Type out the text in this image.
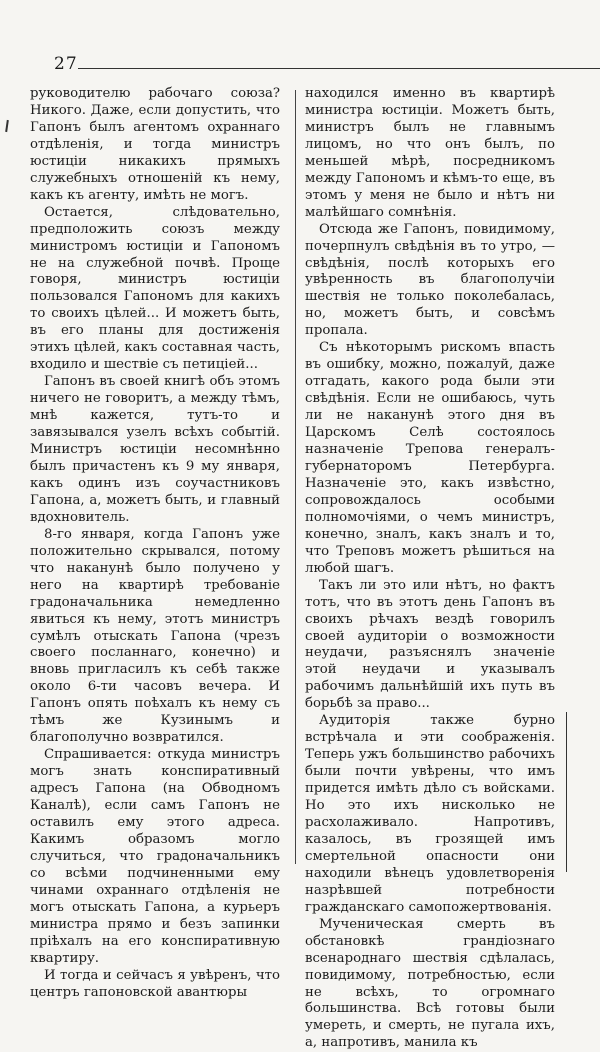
27

руководителю рабочаго союза? Никого. Даже, если допустить, что Гапонъ былъ агентомъ охраннаго отдѣленія, и тогда министръ юстиціи никакихъ прямыхъ служебныхъ отношеній къ нему, какъ къ агенту, имѣть не могъ.

Остается, слѣдовательно, предположить союзъ между министромъ юстиціи и Гапономъ не на служебной почвѣ. Проще говоря, министръ юстиціи пользовался Гапономъ для какихъ то своихъ цѣлей... И можетъ быть, въ его планы для достиженія этихъ цѣлей, какъ составная часть, входило и шествіе съ петиціей...

Гапонъ въ своей книгѣ объ этомъ ничего не говоритъ, а между тѣмъ, мнѣ кажется, тутъ-то и завязывался узелъ всѣхъ событій. Министръ юстиціи несомнѣнно былъ причастенъ къ 9 му января, какъ одинъ изъ соучастниковъ Гапона, а, можетъ быть, и главный вдохновитель.

8-го января, когда Гапонъ уже положительно скрывался, потому что наканунѣ было получено у него на квартирѣ требованіе градоначальника немедленно явиться къ нему, этотъ министръ сумѣлъ отыскать Гапона (чрезъ своего посланнаго, конечно) и вновь пригласилъ къ себѣ также около 6-ти часовъ вечера. И Гапонъ опять поѣхалъ къ нему съ тѣмъ же Кузинымъ и благополучно возвратился.

Спрашивается: откуда министръ могъ знать конспиративный адресъ Гапона (на Обводномъ Каналѣ), если самъ Гапонъ не оставилъ ему этого адреса. Какимъ образомъ могло случиться, что градоначальникъ со всѣми подчиненными ему чинами охраннаго отдѣленія не могъ отыскать Гапона, а курьеръ министра прямо и безъ запинки пріѣхалъ на его конспиративную квартиру.

И тогда и сейчасъ я увѣренъ, что центръ гапоновской авантюры

находился именно въ квартирѣ министра юстиціи. Можетъ быть, министръ былъ не главнымъ лицомъ, но что онъ былъ, по меньшей мѣрѣ, посредникомъ между Гапономъ и кѣмъ-то еще, въ этомъ у меня не было и нѣтъ ни малѣйшаго сомнѣнія.

Отсюда же Гапонъ, повидимому, почерпнулъ свѣдѣнія въ то утро, —свѣдѣнія, послѣ которыхъ его увѣренность въ благополучіи шествія не только поколебалась, но, можетъ быть, и совсѣмъ пропала.

Съ нѣкоторымъ рискомъ впасть въ ошибку, можно, пожалуй, даже отгадать, какого рода были эти свѣдѣнія. Если не ошибаюсь, чуть ли не наканунѣ этого дня въ Царскомъ Селѣ состоялось назначеніе Трепова генералъ-губернаторомъ Петербурга. Назначеніе это, какъ извѣстно, сопровождалось особыми полномочіями, о чемъ министръ, конечно, зналъ, какъ зналъ и то, что Треповъ можетъ рѣшиться на любой шагъ.

Такъ ли это или нѣтъ, но фактъ тотъ, что въ этотъ день Гапонъ въ своихъ рѣчахъ вездѣ говорилъ своей аудиторіи о возможности неудачи, разъяснялъ значеніе этой неудачи и указывалъ рабочимъ дальнѣйшій ихъ путь въ борьбѣ за право...

Аудиторія также бурно встрѣчала и эти соображенія. Теперь ужъ большинство рабочихъ были почти увѣрены, что имъ придется имѣть дѣло съ войсками. Но это ихъ нисколько не расхолаживало. Напротивъ, казалось, въ грозящей имъ смертельной опасности они находили вѣнецъ удовлетворенія назрѣвшей потребности гражданскаго самопожертвованія.

Мученическая смерть въ обстановкѣ грандіознаго всенароднаго шествія сдѣлалась, повидимому, потребностью, если не всѣхъ, то огромнаго большинства. Всѣ готовы были умереть, и смерть, не пугала ихъ, а, напротивъ, манила къ
